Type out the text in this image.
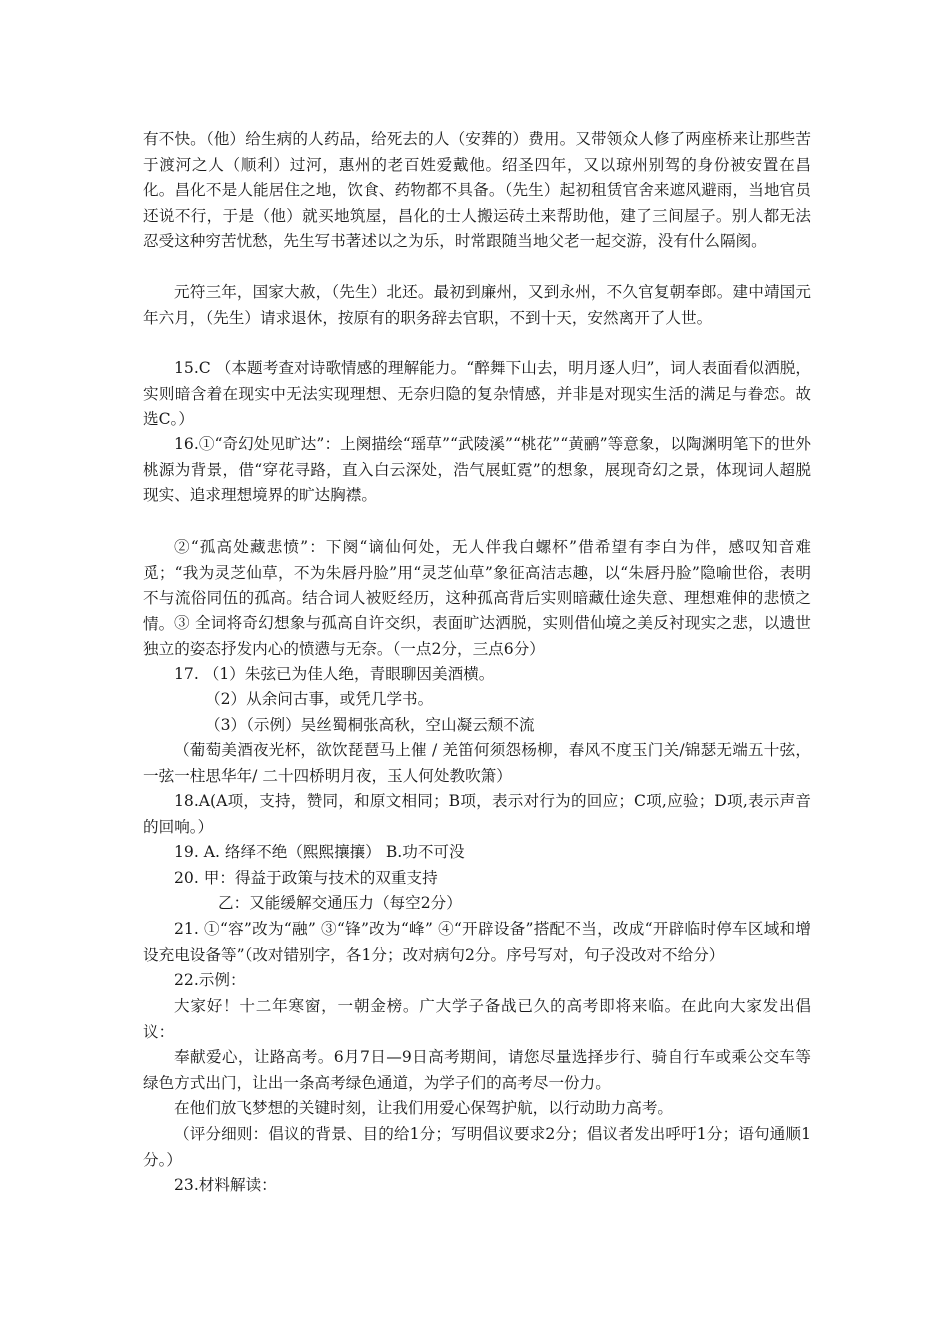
有不快。（他）给生病的人药品，给死去的人（安葬的）费用。又带领众人修了两座桥来让那些苦于渡河之人（顺利）过河，惠州的老百姓爱戴他。绍圣四年，又以琼州别驾的身份被安置在昌化。昌化不是人能居住之地，饮食、药物都不具备。（先生）起初租赁官舍来遮风避雨，当地官员还说不行，于是（他）就买地筑屋，昌化的士人搬运砖土来帮助他，建了三间屋子。别人都无法忍受这种穷苦忧愁，先生写书著述以之为乐，时常跟随当地父老一起交游，没有什么隔阂。

元符三年，国家大赦，（先生）北还。最初到廉州，又到永州，不久官复朝奉郎。建中靖国元年六月，（先生）请求退休，按原有的职务辞去官职，不到十天，安然离开了人世。

15.C （本题考查对诗歌情感的理解能力。“醉舞下山去，明月逐人归”，词人表面看似洒脱，实则暗含着在现实中无法实现理想、无奈归隐的复杂情感，并非是对现实生活的满足与眷恋。故选C。）

16.①“奇幻处见旷达”：上阕描绘“瑶草”“武陵溪”“桃花”“黄鹂”等意象，以陶渊明笔下的世外桃源为背景，借“穿花寻路，直入白云深处，浩气展虹霓”的想象，展现奇幻之景，体现词人超脱现实、追求理想境界的旷达胸襟。

②“孤高处藏悲愤”：下阕“谪仙何处，无人伴我白螺杯”借希望有李白为伴，感叹知音难觅；“我为灵芝仙草，不为朱唇丹脸”用“灵芝仙草”象征高洁志趣，以“朱唇丹脸”隐喻世俗，表明不与流俗同伍的孤高。结合词人被贬经历，这种孤高背后实则暗藏仕途失意、理想难伸的悲愤之情。 ③ 全词将奇幻想象与孤高自许交织，表面旷达洒脱，实则借仙境之美反衬现实之悲，以遗世独立的姿态抒发内心的愤懑与无奈。（一点2分，三点6分）

17. （1）朱弦已为佳人绝，青眼聊因美酒横。

（2）从余问古事，或凭几学书。

（3）（示例）吴丝蜀桐张高秋，空山凝云颓不流

（葡萄美酒夜光杯，欲饮琵琶马上催 / 羌笛何须怨杨柳，春风不度玉门关/锦瑟无端五十弦，一弦一柱思华年/ 二十四桥明月夜，玉人何处教吹箫）

18.A(A项，支持，赞同，和原文相同；B项，表示对行为的回应；C项,应验；D项,表示声音的回响。）

19. A. 络绎不绝（熙熙攘攘） B.功不可没

20. 甲：得益于政策与技术的双重支持

乙：又能缓解交通压力（每空2分）

21. ①“容”改为“融” ③“锋”改为“峰” ④“开辟设备”搭配不当，改成“开辟临时停车区域和增设充电设备等”（改对错别字，各1分；改对病句2分。序号写对，句子没改对不给分）

22.示例：

大家好！十二年寒窗，一朝金榜。广大学子备战已久的高考即将来临。在此向大家发出倡议：

奉献爱心，让路高考。6月7日—9日高考期间，请您尽量选择步行、骑自行车或乘公交车等绿色方式出门，让出一条高考绿色通道，为学子们的高考尽一份力。

在他们放飞梦想的关键时刻，让我们用爱心保驾护航，以行动助力高考。

（评分细则：倡议的背景、目的给1分；写明倡议要求2分；倡议者发出呼吁1分；语句通顺1分。）

23.材料解读：
